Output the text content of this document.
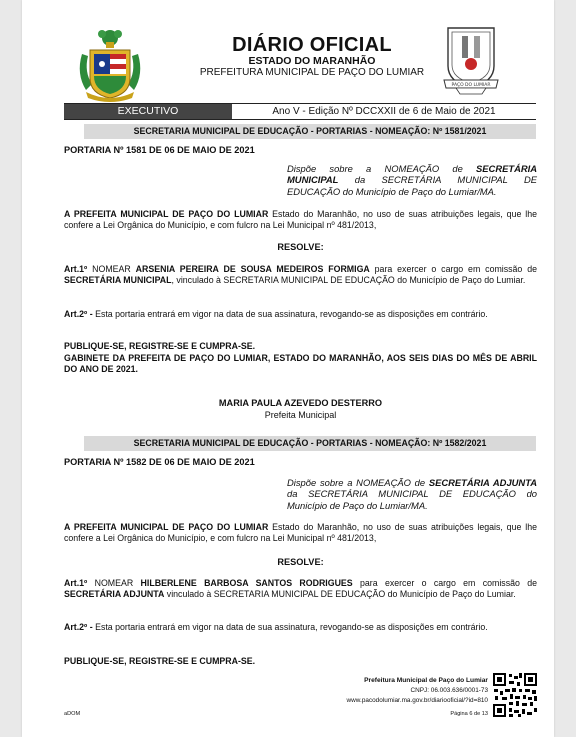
DIÁRIO OFICIAL
ESTADO DO MARANHÃO
PREFEITURA MUNICIPAL DE PAÇO DO LUMIAR
PAÇO DO LUMIAR
EXECUTIVO	Ano V - Edição Nº DCCXXII de 6 de Maio de 2021
SECRETARIA MUNICIPAL DE EDUCAÇÃO - PORTARIAS - NOMEAÇÃO: Nº 1581/2021
PORTARIA Nº 1581 DE 06 DE MAIO DE 2021
Dispõe sobre a NOMEAÇÃO de SECRETÁRIA MUNICIPAL da SECRETÁRIA MUNICIPAL DE EDUCAÇÃO do Município de Paço do Lumiar/MA.
A PREFEITA MUNICIPAL DE PAÇO DO LUMIAR Estado do Maranhão, no uso de suas atribuições legais, que lhe confere a Lei Orgânica do Município, e com fulcro na Lei Municipal nº 481/2013,
RESOLVE:
Art.1º NOMEAR ARSENIA PEREIRA DE SOUSA MEDEIROS FORMIGA para exercer o cargo em comissão de SECRETÁRIA MUNICIPAL, vinculado à SECRETARIA MUNICIPAL DE EDUCAÇÃO do Município de Paço do Lumiar.
Art.2º - Esta portaria entrará em vigor na data de sua assinatura, revogando-se as disposições em contrário.
PUBLIQUE-SE, REGISTRE-SE E CUMPRA-SE.
GABINETE DA PREFEITA DE PAÇO DO LUMIAR, ESTADO DO MARANHÃO, AOS SEIS DIAS DO MÊS DE ABRIL DO ANO DE 2021.
MARIA PAULA AZEVEDO DESTERRO
Prefeita Municipal
SECRETARIA MUNICIPAL DE EDUCAÇÃO - PORTARIAS - NOMEAÇÃO: Nº 1582/2021
PORTARIA Nº 1582 DE 06 DE MAIO DE 2021
Dispõe sobre a NOMEAÇÃO de SECRETÁRIA ADJUNTA da SECRETÁRIA MUNICIPAL DE EDUCAÇÃO do Município de Paço do Lumiar/MA.
A PREFEITA MUNICIPAL DE PAÇO DO LUMIAR Estado do Maranhão, no uso de suas atribuições legais, que lhe confere a Lei Orgânica do Município, e com fulcro na Lei Municipal nº 481/2013,
RESOLVE:
Art.1º NOMEAR HILBERLENE BARBOSA SANTOS RODRIGUES para exercer o cargo em comissão de SECRETÁRIA ADJUNTA vinculado à SECRETARIA MUNICIPAL DE EDUCAÇÃO do Município de Paço do Lumiar.
Art.2º - Esta portaria entrará em vigor na data de sua assinatura, revogando-se as disposições em contrário.
PUBLIQUE-SE, REGISTRE-SE E CUMPRA-SE.
Prefeitura Municipal de Paço do Lumiar
CNPJ: 06.003.636/0001-73
www.pacodolumiar.ma.gov.br/diariooficial/?id=810
Página 6 de 13
aDOM
